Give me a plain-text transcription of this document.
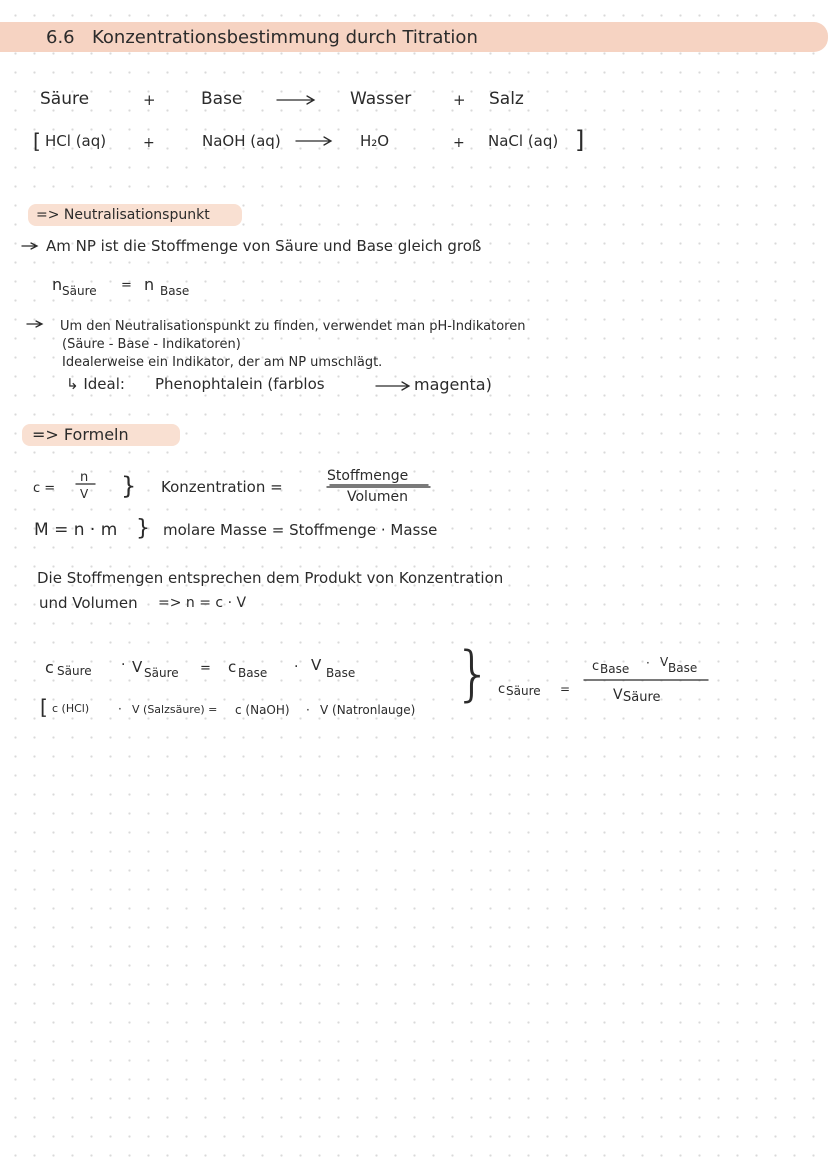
6.6 Konzentrationsbestimmung durch Titration
Säure	+	Base	Wasser	+ Salz
[ HCl (aq)	+	NaOH (aq)	H₂O	+ NaCl (aq) ]
=> Neutralisationspunkt
Am NP ist die Stoffmenge von Säure und Base gleich groß
n Säure = n Base
Um den Neutralisationspunkt zu finden, verwendet man pH-Indikatoren
(Säure - Base - Indikatoren)
Idealerweise ein Indikator, der am NP umschlägt.
↳ Ideal: Phenophtalein (farblos	magenta)
=> Formeln
c =
n
V } Konzentration =
Stoffmenge
Volumen
M = n · m } molare Masse = Stoffmenge · Masse
Die Stoffmengen entsprechen dem Produkt von Konzentration
und Volumen => n = c · V
c Säure · V Säure = c Base · V Base
[ c (HCl) · V (Salzsäure) = c (NaOH) · V (Natronlauge)
} c Säure =
c Base · V Base
V Säure
